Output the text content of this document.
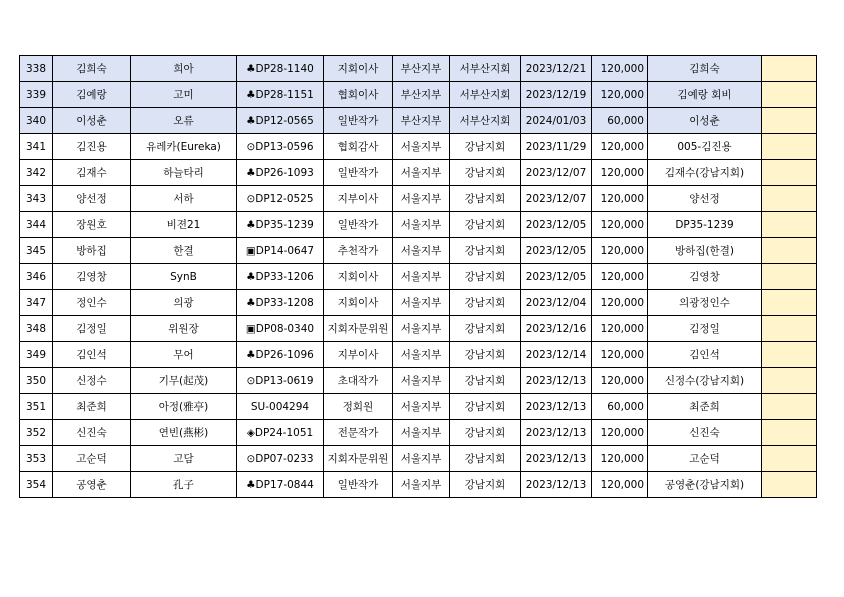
338	김희숙	희아	♣DP28-1140	지회이사	부산지부	서부산지회	2023/12/21	120,000	김희숙	
339	김예랑	고미	♣DP28-1151	협회이사	부산지부	서부산지회	2023/12/19	120,000	김예랑 회비	
340	이성춘	오류	♣DP12-0565	일반작가	부산지부	서부산지회	2024/01/03	60,000	이성춘	
341	김진용	유레카(Eureka)	⊙DP13-0596	협회감사	서울지부	강남지회	2023/11/29	120,000	005-김진용	
342	김재수	하늘타리	♣DP26-1093	일반작가	서울지부	강남지회	2023/12/07	120,000	김재수(강남지회)	
343	양선정	서하	⊙DP12-0525	지부이사	서울지부	강남지회	2023/12/07	120,000	양선정	
344	장원호	비젼21	♣DP35-1239	일반작가	서울지부	강남지회	2023/12/05	120,000	DP35-1239	
345	방하집	한결	▣DP14-0647	추천작가	서울지부	강남지회	2023/12/05	120,000	방하집(한결)	
346	김영창	SynB	♣DP33-1206	지회이사	서울지부	강남지회	2023/12/05	120,000	김영창	
347	정인수	의광	♣DP33-1208	지회이사	서울지부	강남지회	2023/12/04	120,000	의광정인수	
348	김정일	위원장	▣DP08-0340	지회자문위원	서울지부	강남지회	2023/12/16	120,000	김정일	
349	김인석	무어	♣DP26-1096	지부이사	서울지부	강남지회	2023/12/14	120,000	김인석	
350	신정수	기무(起茂)	⊙DP13-0619	초대작가	서울지부	강남지회	2023/12/13	120,000	신정수(강남지회)	
351	최준희	아정(雅亭)	SU-004294	정회원	서울지부	강남지회	2023/12/13	60,000	최준희	
352	신진숙	연빈(燕彬)	◈DP24-1051	전문작가	서울지부	강남지회	2023/12/13	120,000	신진숙	
353	고순덕	고담	⊙DP07-0233	지회자문위원	서울지부	강남지회	2023/12/13	120,000	고순덕	
354	공영춘	孔子	♣DP17-0844	일반작가	서울지부	강남지회	2023/12/13	120,000	공영춘(강남지회)	
